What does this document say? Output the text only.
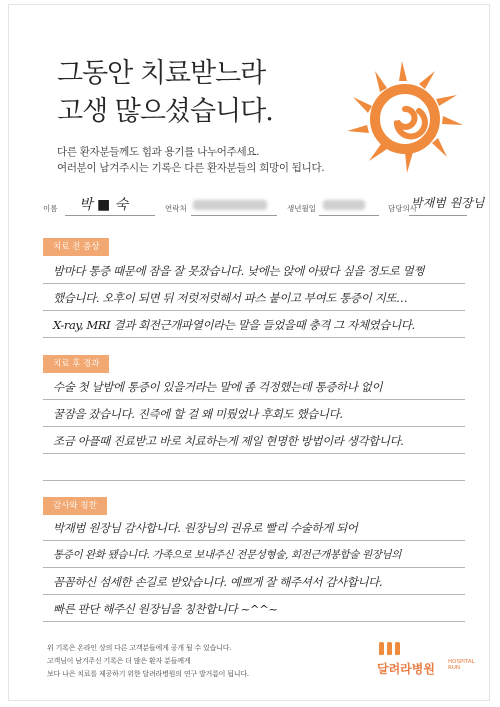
그동안 치료받느라
고생 많으셨습니다.
다른 환자분들께도 힘과 용기를 나누어주세요.
여러분이 남겨주시는 기록은 다른 환자분들의 희망이 됩니다.
이름 박 ■ 숙	연락처	생년월일	담당의사
박재범 원장님
치료 전 증상
밤마다 통증 때문에 잠을 잘 못잤습니다. 낮에는 앉에 아팠다 싶을 정도로 멀쩡
했습니다. 오후이 되면 뒤 저럿저럿해서 파스 붙이고 부여도 통증이 지또…
X-ray, MRI 결과 회전근개파열이라는 말을 들었을때 충격 그 자체였습니다.
치료 후 경과
수술 첫 날밤에 통증이 있을거라는 말에 좀 걱정했는데 통증하나 없이
꿀잠을 잤습니다. 진즉에 할 걸 왜 미뤘었나 후회도 했습니다.
조금 아플때 진료받고 바로 치료하는게 제일 현명한 방법이라 생각합니다.
감사와 칭찬
박재범 원장님 감사합니다. 원장님의 권유로 빨리 수술하게 되어
통증이 완화 됐습니다. 가족으로 보내주신 전문성형술, 회전근개봉합술 원장님의
꼼꼼하신 섬세한 손길로 받았습니다. 예쁘게 잘 해주셔서 감사합니다.
빠른 판단 해주신 원장님을 칭찬합니다 ~^^~
위 기록은 온라인 상의 다른 고객분들에게 공개 될 수 있습니다.
고객님이 남겨주신 기록은 더 많은 환자 분들께게
보다 나은 치료를 제공하기 위한 달려라병원의 연구 발거름이 됩니다.	달려라병원 HOSPITAL RUN
